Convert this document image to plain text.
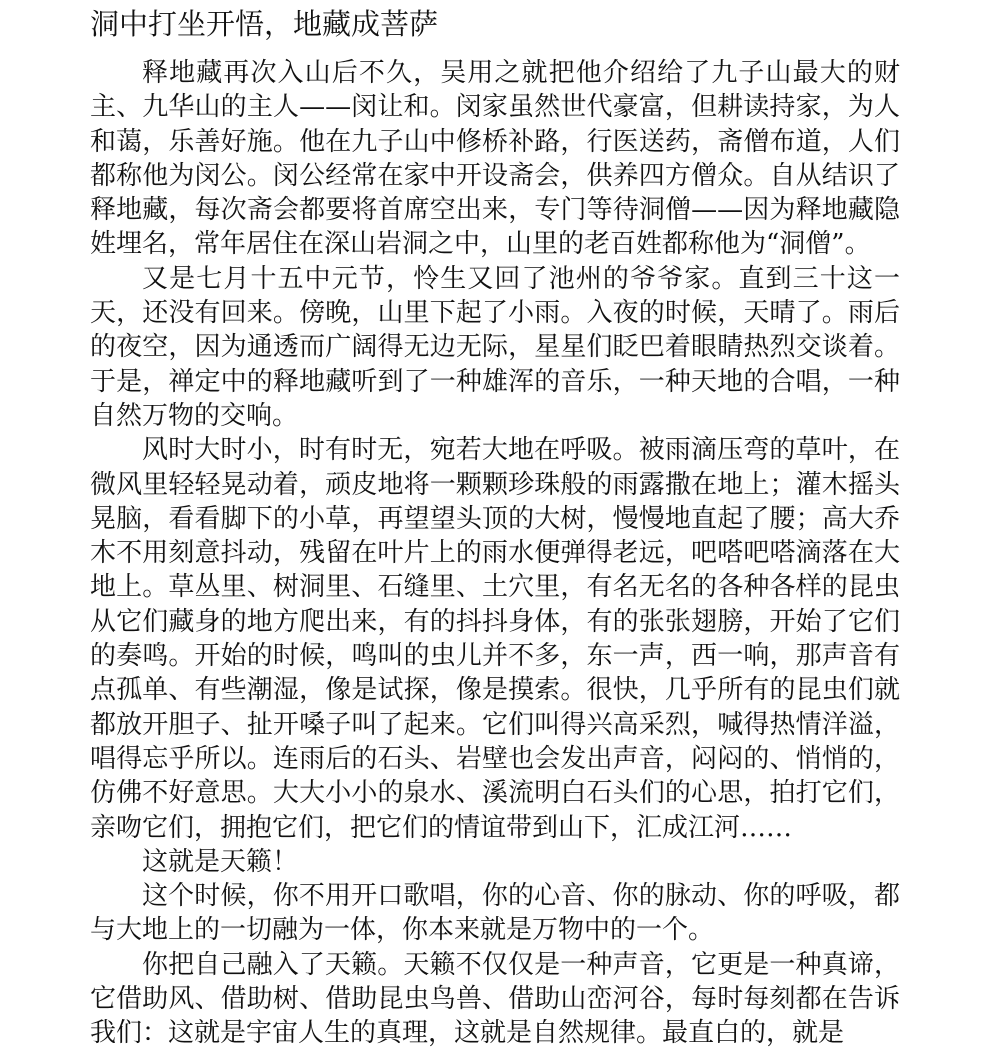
洞中打坐开悟，地藏成菩萨

释地藏再次入山后不久，吴用之就把他介绍给了九子山最大的财主、九华山的主人——闵让和。闵家虽然世代豪富，但耕读持家，为人和蔼，乐善好施。他在九子山中修桥补路，行医送药，斋僧布道，人们都称他为闵公。闵公经常在家中开设斋会，供养四方僧众。自从结识了释地藏，每次斋会都要将首席空出来，专门等待洞僧——因为释地藏隐姓埋名，常年居住在深山岩洞之中，山里的老百姓都称他为“洞僧”。

又是七月十五中元节，怜生又回了池州的爷爷家。直到三十这一天，还没有回来。傍晚，山里下起了小雨。入夜的时候，天晴了。雨后的夜空，因为通透而广阔得无边无际，星星们眨巴着眼睛热烈交谈着。于是，禅定中的释地藏听到了一种雄浑的音乐，一种天地的合唱，一种自然万物的交响。

风时大时小，时有时无，宛若大地在呼吸。被雨滴压弯的草叶，在微风里轻轻晃动着，顽皮地将一颗颗珍珠般的雨露撒在地上；灌木摇头晃脑，看看脚下的小草，再望望头顶的大树，慢慢地直起了腰；高大乔木不用刻意抖动，残留在叶片上的雨水便弹得老远，吧嗒吧嗒滴落在大地上。草丛里、树洞里、石缝里、土穴里，有名无名的各种各样的昆虫从它们藏身的地方爬出来，有的抖抖身体，有的张张翅膀，开始了它们的奏鸣。开始的时候，鸣叫的虫儿并不多，东一声，西一响，那声音有点孤单、有些潮湿，像是试探，像是摸索。很快，几乎所有的昆虫们就都放开胆子、扯开嗓子叫了起来。它们叫得兴高采烈，喊得热情洋溢，唱得忘乎所以。连雨后的石头、岩壁也会发出声音，闷闷的、悄悄的，仿佛不好意思。大大小小的泉水、溪流明白石头们的心思，拍打它们，亲吻它们，拥抱它们，把它们的情谊带到山下，汇成江河……

这就是天籁！

这个时候，你不用开口歌唱，你的心音、你的脉动、你的呼吸，都与大地上的一切融为一体，你本来就是万物中的一个。

你把自己融入了天籁。天籁不仅仅是一种声音，它更是一种真谛，它借助风、借助树、借助昆虫鸟兽、借助山峦河谷，每时每刻都在告诉我们：这就是宇宙人生的真理，这就是自然规律。最直白的，就是
